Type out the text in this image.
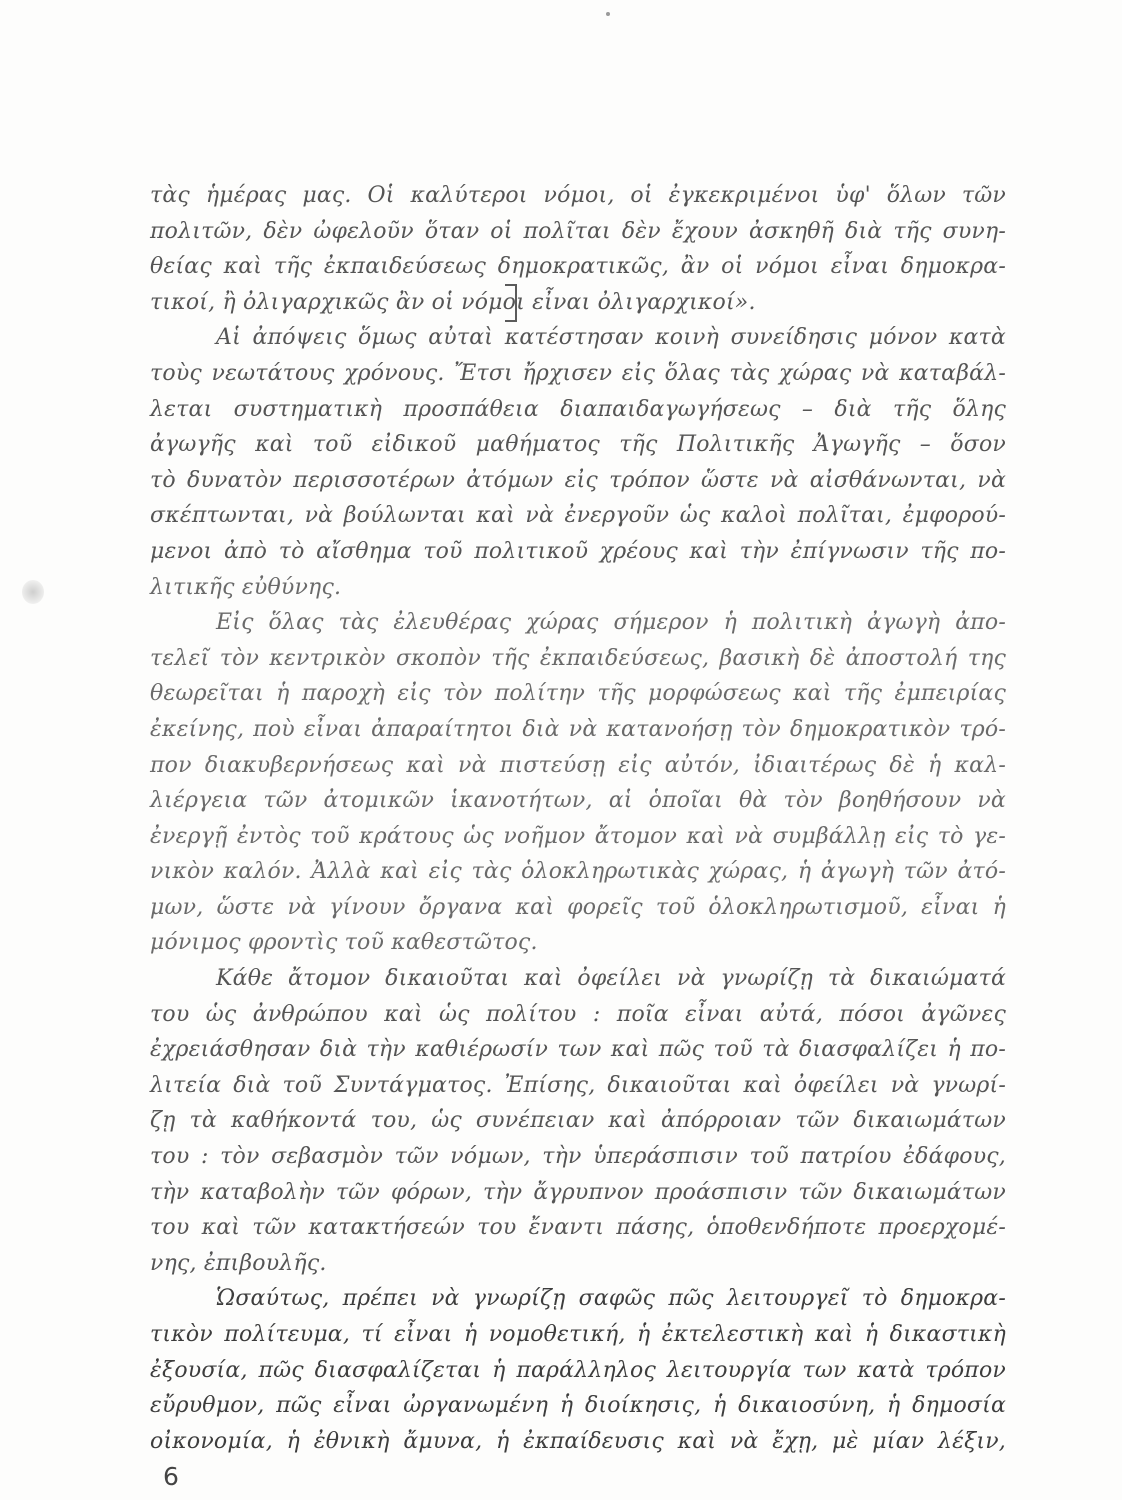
τὰς ἡμέρας μας. Οἱ καλύτεροι νόμοι, οἱ ἐγκεκριμένοι ὑφ' ὅλων τῶν
πολιτῶν, δὲν ὠφελοῦν ὅταν οἱ πολῖται δὲν ἔχουν ἀσκηθῆ διὰ τῆς συνη-
θείας καὶ τῆς ἐκπαιδεύσεως δημοκρατικῶς, ἂν οἱ νόμοι εἶναι δημοκρα-
τικοί, ἢ ὀλιγαρχικῶς ἂν οἱ νόμοι εἶναι ὀλιγαρχικοί».
Αἱ ἀπόψεις ὅμως αὐταὶ κατέστησαν κοινὴ συνείδησις μόνον κατὰ
τοὺς νεωτάτους χρόνους. Ἔτσι ἤρχισεν εἰς ὅλας τὰς χώρας νὰ καταβάλ-
λεται συστηματικὴ προσπάθεια διαπαιδαγωγήσεως – διὰ τῆς ὅλης
ἀγωγῆς καὶ τοῦ εἰδικοῦ μαθήματος τῆς Πολιτικῆς Ἀγωγῆς – ὅσον
τὸ δυνατὸν περισσοτέρων ἀτόμων εἰς τρόπον ὥστε νὰ αἰσθάνωνται, νὰ
σκέπτωνται, νὰ βούλωνται καὶ νὰ ἐνεργοῦν ὡς καλοὶ πολῖται, ἐμφορού-
μενοι ἀπὸ τὸ αἴσθημα τοῦ πολιτικοῦ χρέους καὶ τὴν ἐπίγνωσιν τῆς πο-
λιτικῆς εὐθύνης.
Εἰς ὅλας τὰς ἐλευθέρας χώρας σήμερον ἡ πολιτικὴ ἀγωγὴ ἀπο-
τελεῖ τὸν κεντρικὸν σκοπὸν τῆς ἐκπαιδεύσεως, βασικὴ δὲ ἀποστολή της
θεωρεῖται ἡ παροχὴ εἰς τὸν πολίτην τῆς μορφώσεως καὶ τῆς ἐμπειρίας
ἐκείνης, ποὺ εἶναι ἀπαραίτητοι διὰ νὰ κατανοήσῃ τὸν δημοκρατικὸν τρό-
πον διακυβερνήσεως καὶ νὰ πιστεύσῃ εἰς αὐτόν, ἰδιαιτέρως δὲ ἡ καλ-
λιέργεια τῶν ἀτομικῶν ἱκανοτήτων, αἱ ὁποῖαι θὰ τὸν βοηθήσουν νὰ
ἐνεργῇ ἐντὸς τοῦ κράτους ὡς νοῆμον ἄτομον καὶ νὰ συμβάλλῃ εἰς τὸ γε-
νικὸν καλόν. Ἀλλὰ καὶ εἰς τὰς ὁλοκληρωτικὰς χώρας, ἡ ἀγωγὴ τῶν ἀτό-
μων, ὥστε νὰ γίνουν ὄργανα καὶ φορεῖς τοῦ ὁλοκληρωτισμοῦ, εἶναι ἡ
μόνιμος φροντὶς τοῦ καθεστῶτος.
Κάθε ἄτομον δικαιοῦται καὶ ὀφείλει νὰ γνωρίζῃ τὰ δικαιώματά
του ὡς ἀνθρώπου καὶ ὡς πολίτου : ποῖα εἶναι αὐτά, πόσοι ἀγῶνες
ἐχρειάσθησαν διὰ τὴν καθιέρωσίν των καὶ πῶς τοῦ τὰ διασφαλίζει ἡ πο-
λιτεία διὰ τοῦ Συντάγματος. Ἐπίσης, δικαιοῦται καὶ ὀφείλει νὰ γνωρί-
ζῃ τὰ καθήκοντά του, ὡς συνέπειαν καὶ ἀπόρροιαν τῶν δικαιωμάτων
του : τὸν σεβασμὸν τῶν νόμων, τὴν ὑπεράσπισιν τοῦ πατρίου ἐδάφους,
τὴν καταβολὴν τῶν φόρων, τὴν ἄγρυπνον προάσπισιν τῶν δικαιωμάτων
του καὶ τῶν κατακτήσεών του ἔναντι πάσης, ὁποθενδήποτε προερχομέ-
νης, ἐπιβουλῆς.
Ὡσαύτως, πρέπει νὰ γνωρίζῃ σαφῶς πῶς λειτουργεῖ τὸ δημοκρα-
τικὸν πολίτευμα, τί εἶναι ἡ νομοθετική, ἡ ἐκτελεστικὴ καὶ ἡ δικαστικὴ
ἐξουσία, πῶς διασφαλίζεται ἡ παράλληλος λειτουργία των κατὰ τρόπον
εὔρυθμον, πῶς εἶναι ὠργανωμένη ἡ διοίκησις, ἡ δικαιοσύνη, ἡ δημοσία
οἰκονομία, ἡ ἐθνικὴ ἄμυνα, ἡ ἐκπαίδευσις καὶ νὰ ἔχῃ, μὲ μίαν λέξιν,
6
